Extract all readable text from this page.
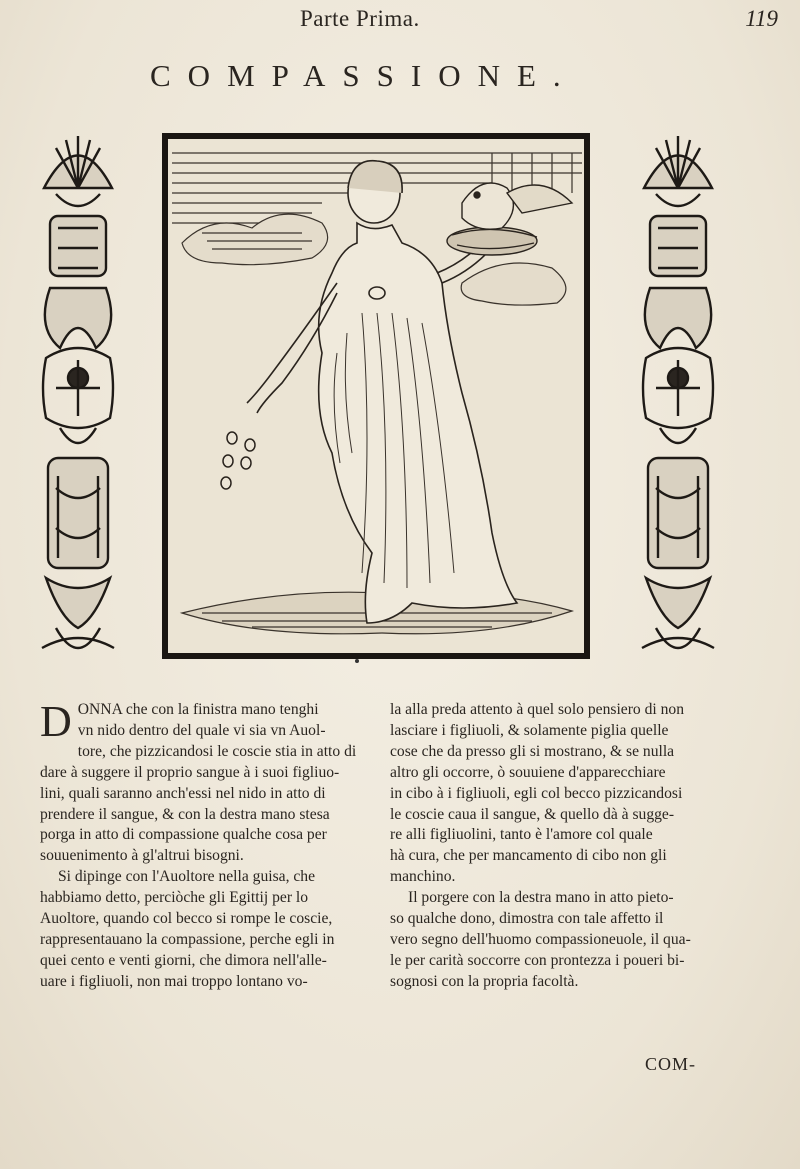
Parte Prima.	119
COMPASSIONE.
D ONNA che con la finistra mano tenghi
vn nido dentro del quale vi sia vn Auol-
tore, che pizzicandosi le coscie stia in atto di
dare à suggere il proprio sangue à i suoi figliuo-
lini, quali saranno anch'essi nel nido in atto di
prendere il sangue, & con la destra mano stesa
porga in atto di compassione qualche cosa per
souuenimento à gl'altrui bisogni.
Si dipinge con l'Auoltore nella guisa, che
habbiamo detto, perciòche gli Egittij per lo
Auoltore, quando col becco si rompe le coscie,
rappresentauano la compassione, perche egli in
quei cento e venti giorni, che dimora nell'alle-
uare i figliuoli, non mai troppo lontano vo-
la alla preda attento à quel solo pensiero di non
lasciare i figliuoli, & solamente piglia quelle
cose che da presso gli si mostrano, & se nulla
altro gli occorre, ò souuiene d'apparecchiare
in cibo à i figliuoli, egli col becco pizzicandosi
le coscie caua il sangue, & quello dà à sugge-
re alli figliuolini, tanto è l'amore col quale
hà cura, che per mancamento di cibo non gli
manchino.
Il porgere con la destra mano in atto pieto-
so qualche dono, dimostra con tale affetto il
vero segno dell'huomo compassioneuole, il qua-
le per carità soccorre con prontezza i poueri bi-
sognosi con la propria facoltà.
COM-
